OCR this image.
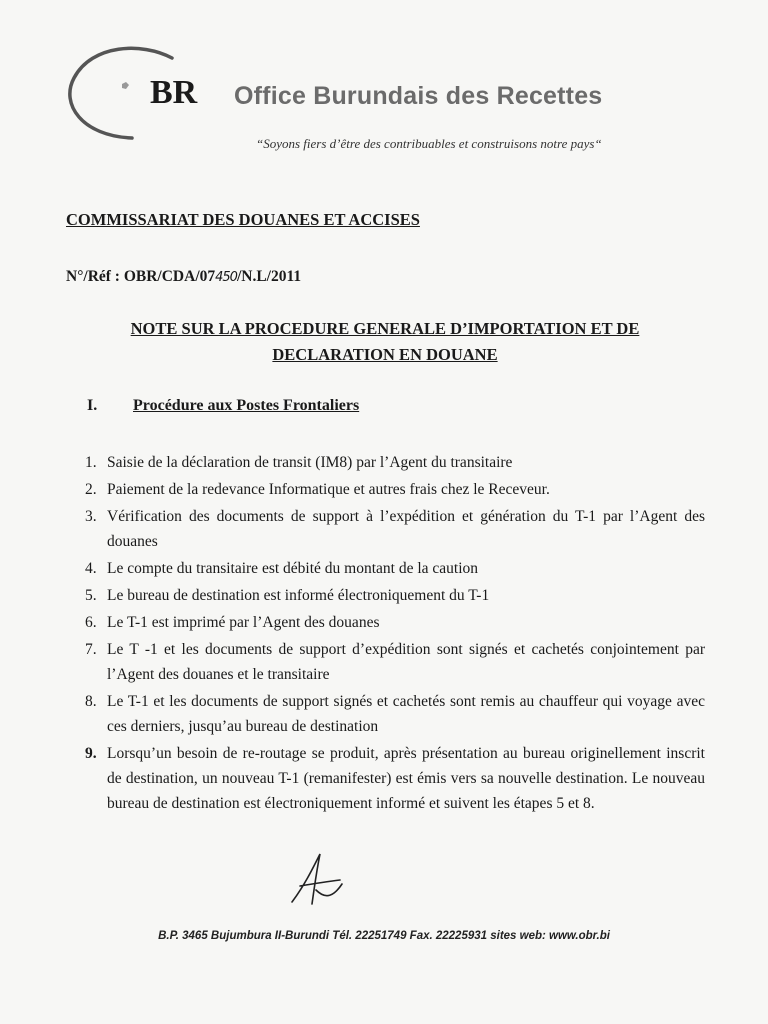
BR Office Burundais des Recettes
“Soyons fiers d’être des contribuables et construisons notre pays“
COMMISSARIAT DES DOUANES ET ACCISES
N°/Réf : OBR/CDA/07450/N.L/2011
NOTE SUR LA PROCEDURE GENERALE D’IMPORTATION ET DE
DECLARATION EN DOUANE
I. Procédure aux Postes Frontaliers
1. Saisie de la déclaration de transit (IM8) par l’Agent du transitaire
2. Paiement de la redevance Informatique et autres frais chez le Receveur.
3. Vérification des documents de support à l’expédition et génération du T-1 par l’Agent des douanes
4. Le compte du transitaire est débité du montant de la caution
5. Le bureau de destination est informé électroniquement du T-1
6. Le T-1 est imprimé par l’Agent des douanes
7. Le T -1 et les documents de support d’expédition sont signés et cachetés conjointement par l’Agent des douanes et le transitaire
8. Le T-1 et les documents de support signés et cachetés sont remis au chauffeur qui voyage avec ces derniers, jusqu’au bureau de destination
9. Lorsqu’un besoin de re-routage se produit, après présentation au bureau originellement inscrit de destination, un nouveau T-1 (remanifester) est émis vers sa nouvelle destination. Le nouveau bureau de destination est électroniquement informé et suivent les étapes 5 et 8.
B.P. 3465 Bujumbura II-Burundi Tél. 22251749 Fax. 22225931 sites web: www.obr.bi
